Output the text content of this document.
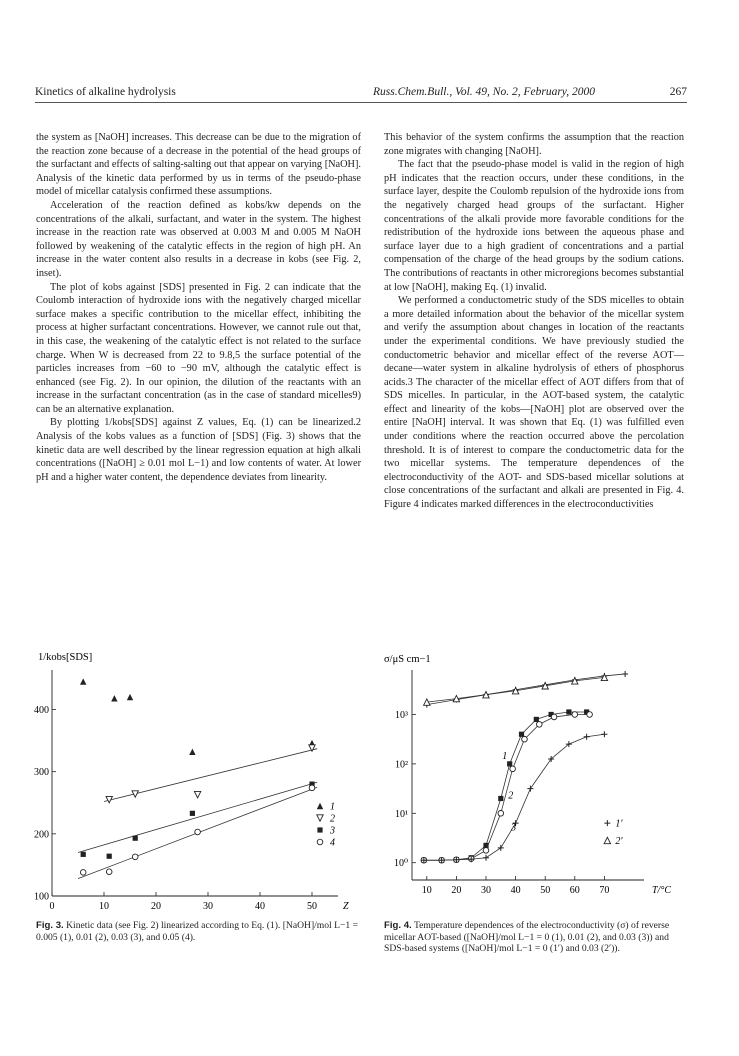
Kinetics of alkaline hydrolysis	Russ.Chem.Bull., Vol. 49, No. 2, February, 2000	267

the system as [NaOH] increases. This decrease can be due to the migration of the reaction zone because of a decrease in the potential of the head groups of the surfactant and effects of salting-salting out that appear on varying [NaOH]. Analysis of the kinetic data performed by us in terms of the pseudo-phase model of micellar catalysis confirmed these assumptions.

Acceleration of the reaction defined as kobs/kw depends on the concentrations of the alkali, surfactant, and water in the system. The highest increase in the reaction rate was observed at 0.003 M and 0.005 M NaOH followed by weakening of the catalytic effects in the region of high pH. An increase in the water content also results in a decrease in kobs (see Fig. 2, inset).

The plot of kobs against [SDS] presented in Fig. 2 can indicate that the Coulomb interaction of hydroxide ions with the negatively charged micellar surface makes a specific contribution to the micellar effect, inhibiting the process at higher surfactant concentrations. However, we cannot rule out that, in this case, the weakening of the catalytic effect is not related to the surface charge. When W is decreased from 22 to 9.8,5 the surface potential of the particles increases from −60 to −90 mV, although the catalytic effect is enhanced (see Fig. 2). In our opinion, the dilution of the reactants with an increase in the surfactant concentration (as in the case of standard micelles9) can be an alternative explanation.

By plotting 1/kobs[SDS] against Z values, Eq. (1) can be linearized.2 Analysis of the kobs values as a function of [SDS] (Fig. 3) shows that the kinetic data are well described by the linear regression equation at high alkali concentrations ([NaOH] ≥ 0.01 mol L−1) and low contents of water. At lower pH and a higher water content, the dependence deviates from linearity.

This behavior of the system confirms the assumption that the reaction zone migrates with changing [NaOH].

The fact that the pseudo-phase model is valid in the region of high pH indicates that the reaction occurs, under these conditions, in the surface layer, despite the Coulomb repulsion of the hydroxide ions from the negatively charged head groups of the surfactant. Higher concentrations of the alkali provide more favorable conditions for the redistribution of the hydroxide ions between the aqueous phase and surface layer due to a high gradient of concentrations and a partial compensation of the charge of the head groups by the sodium cations. The contributions of reactants in other microregions becomes substantial at low [NaOH], making Eq. (1) invalid.

We performed a conductometric study of the SDS micelles to obtain a more detailed information about the behavior of the micellar system and verify the assumption about changes in location of the reactants under the experimental conditions. We have previously studied the conductometric behavior and micellar effect of the reverse AOT—decane—water system in alkaline hydrolysis of ethers of phosphorus acids.3 The character of the micellar effect of AOT differs from that of SDS micelles. In particular, in the AOT-based system, the catalytic effect and linearity of the kobs—[NaOH] plot are observed over the entire [NaOH] interval. It was shown that Eq. (1) was fulfilled even under conditions where the reaction occurred above the percolation threshold. It is of interest to compare the conductometric data for the two micellar systems. The temperature dependences of the electroconductivity of the AOT- and SDS-based micellar solutions at close concentrations of the surfactant and alkali are presented in Fig. 4. Figure 4 indicates marked differences in the electroconductivities

1/kobs[SDS]
0	10	20	30	40	50	Z
100
200
300
400
1
2
3
4
Fig. 3. Kinetic data (see Fig. 2) linearized according to Eq. (1). [NaOH]/mol L−1 = 0.005 (1), 0.01 (2), 0.03 (3), and 0.05 (4).
σ/μS cm−1
10 20 30 40 50 60 70	T/°C
10⁰
10¹
10²
10³
1
2
3	1′
2′
Fig. 4. Temperature dependences of the electroconductivity (σ) of reverse micellar AOT-based ([NaOH]/mol L−1 = 0 (1), 0.01 (2), and 0.03 (3)) and SDS-based systems ([NaOH]/mol L−1 = 0 (1′) and 0.03 (2′)).
